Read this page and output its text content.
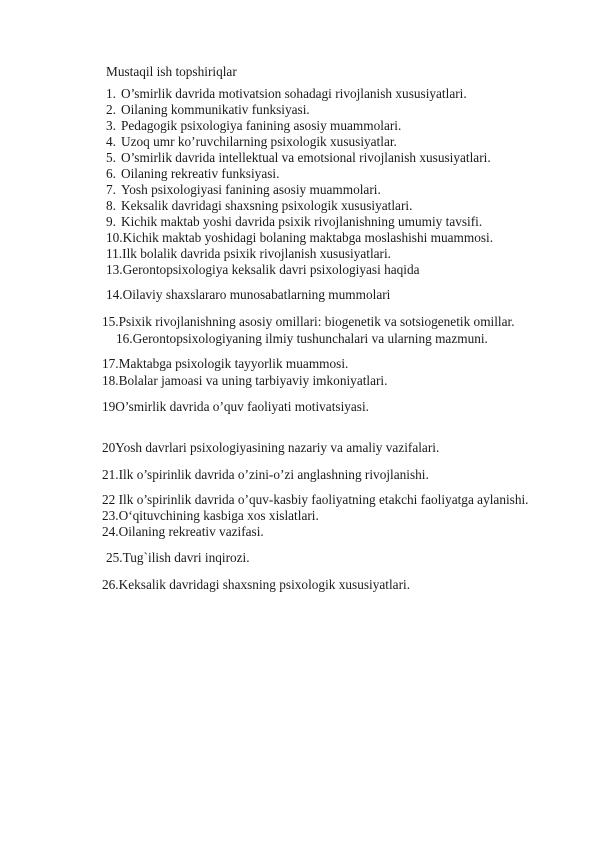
Mustaqil ish topshiriqlar
1. O’smirlik davrida motivatsion sohadagi rivojlanish xususiyatlari.
2. Oilaning kommunikativ funksiyasi.
3. Pedagogik psixologiya fanining asosiy muammolari.
4. Uzoq umr ko’ruvchilarning psixologik xususiyatlar.
5. O’smirlik davrida intellektual va emotsional rivojlanish xususiyatlari.
6. Oilaning rekreativ funksiyasi.
7. Yosh psixologiyasi fanining asosiy muammolari.
8. Keksalik davridagi shaxsning psixologik xususiyatlari.
9. Kichik maktab yoshi davrida psixik rivojlanishning umumiy tavsifi.
10.Kichik maktab yoshidagi bolaning maktabga moslashishi muammosi.
11.Ilk bolalik davrida psixik rivojlanish xususiyatlari.
13.Gerontopsixologiya keksalik davri psixologiyasi haqida
14.Oilaviy shaxslararo munosabatlarning mummolari
15.Psixik rivojlanishning asosiy omillari: biogenetik va sotsiogenetik omillar.
16.Gerontopsixologiyaning ilmiy tushunchalari va ularning mazmuni.
17.Maktabga psixologik tayyorlik muammosi.
18.Bolalar jamoasi va uning tarbiyaviy imkoniyatlari.
19O’smirlik davrida o’quv faoliyati motivatsiyasi.
20Yosh davrlari psixologiyasining nazariy va amaliy vazifalari.
21.Ilk o’spirinlik davrida o’zini-o’zi anglashning rivojlanishi.
22 Ilk o’spirinlik davrida o’quv-kasbiy faoliyatning etakchi faoliyatga aylanishi.
23.O‘qituvchining kasbiga xos xislatlari.
24.Oilaning rekreativ vazifasi.
25.Tug`ilish davri inqirozi.
26.Keksalik davridagi shaxsning psixologik xususiyatlari.
